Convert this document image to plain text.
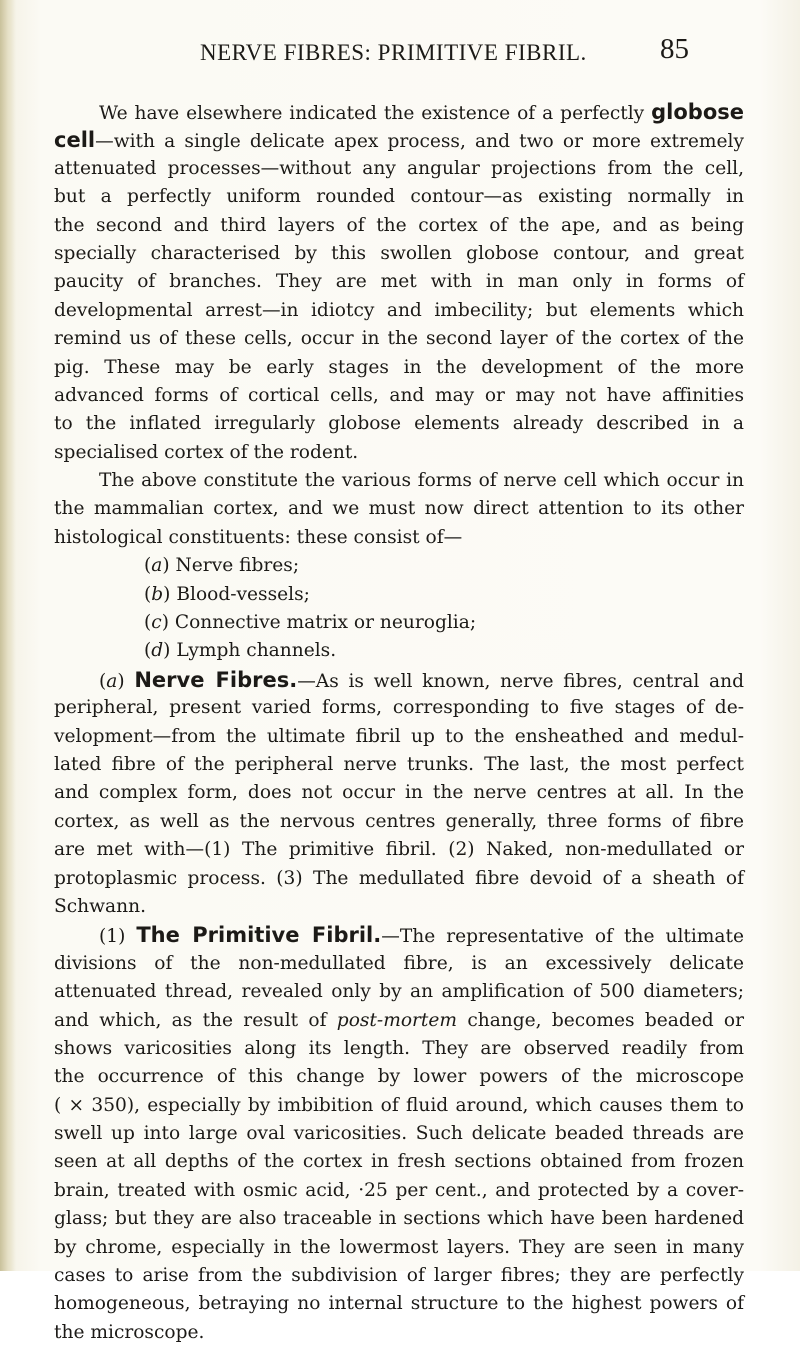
NERVE FIBRES: PRIMITIVE FIBRIL.	85
We have elsewhere indicated the existence of a perfectly globose
cell—with a single delicate apex process, and two or more extremely
attenuated processes—without any angular projections from the cell,
but a perfectly uniform rounded contour—as existing normally in
the second and third layers of the cortex of the ape, and as being
specially characterised by this swollen globose contour, and great
paucity of branches. They are met with in man only in forms of
developmental arrest—in idiotcy and imbecility; but elements which
remind us of these cells, occur in the second layer of the cortex of the
pig. These may be early stages in the development of the more
advanced forms of cortical cells, and may or may not have affinities
to the inflated irregularly globose elements already described in a
specialised cortex of the rodent.
The above constitute the various forms of nerve cell which occur in
the mammalian cortex, and we must now direct attention to its other
histological constituents: these consist of—
(a) Nerve fibres;
(b) Blood-vessels;
(c) Connective matrix or neuroglia;
(d) Lymph channels.
(a) Nerve Fibres.—As is well known, nerve fibres, central and
peripheral, present varied forms, corresponding to five stages of de-
velopment—from the ultimate fibril up to the ensheathed and medul-
lated fibre of the peripheral nerve trunks. The last, the most perfect
and complex form, does not occur in the nerve centres at all. In the
cortex, as well as the nervous centres generally, three forms of fibre
are met with—(1) The primitive fibril. (2) Naked, non-medullated or
protoplasmic process. (3) The medullated fibre devoid of a sheath of
Schwann.
(1) The Primitive Fibril.—The representative of the ultimate
divisions of the non-medullated fibre, is an excessively delicate
attenuated thread, revealed only by an amplification of 500 diameters;
and which, as the result of post-mortem change, becomes beaded or
shows varicosities along its length. They are observed readily from
the occurrence of this change by lower powers of the microscope
( × 350), especially by imbibition of fluid around, which causes them to
swell up into large oval varicosities. Such delicate beaded threads are
seen at all depths of the cortex in fresh sections obtained from frozen
brain, treated with osmic acid, ·25 per cent., and protected by a cover-
glass; but they are also traceable in sections which have been hardened
by chrome, especially in the lowermost layers. They are seen in many
cases to arise from the subdivision of larger fibres; they are perfectly
homogeneous, betraying no internal structure to the highest powers of
the microscope.
